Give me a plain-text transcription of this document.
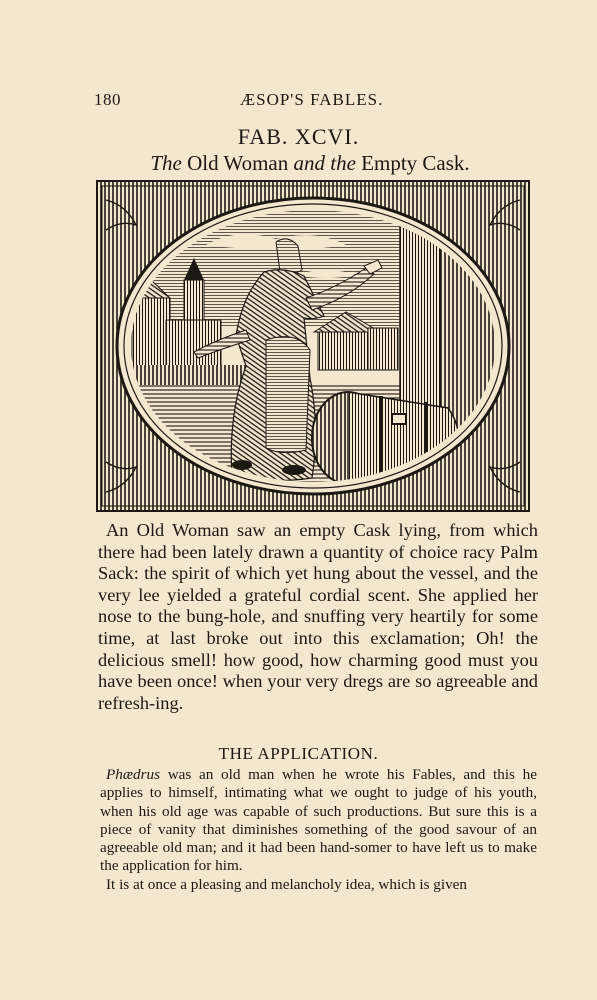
180	ÆSOP'S FABLES.
FAB. XCVI.
The Old Woman and the Empty Cask.

An Old Woman saw an empty Cask lying, from which there had been lately drawn a quantity of choice racy Palm Sack: the spirit of which yet hung about the vessel, and the very lee yielded a grateful cordial scent. She applied her nose to the bung-hole, and snuffing very heartily for some time, at last broke out into this exclamation; Oh! the delicious smell! how good, how charming good must you have been once! when your very dregs are so agreeable and refresh-ing.

THE APPLICATION.

Phædrus was an old man when he wrote his Fables, and this he applies to himself, intimating what we ought to judge of his youth, when his old age was capable of such productions. But sure this is a piece of vanity that diminishes something of the good savour of an agreeable old man; and it had been hand-somer to have left us to make the application for him.

It is at once a pleasing and melancholy idea, which is given
